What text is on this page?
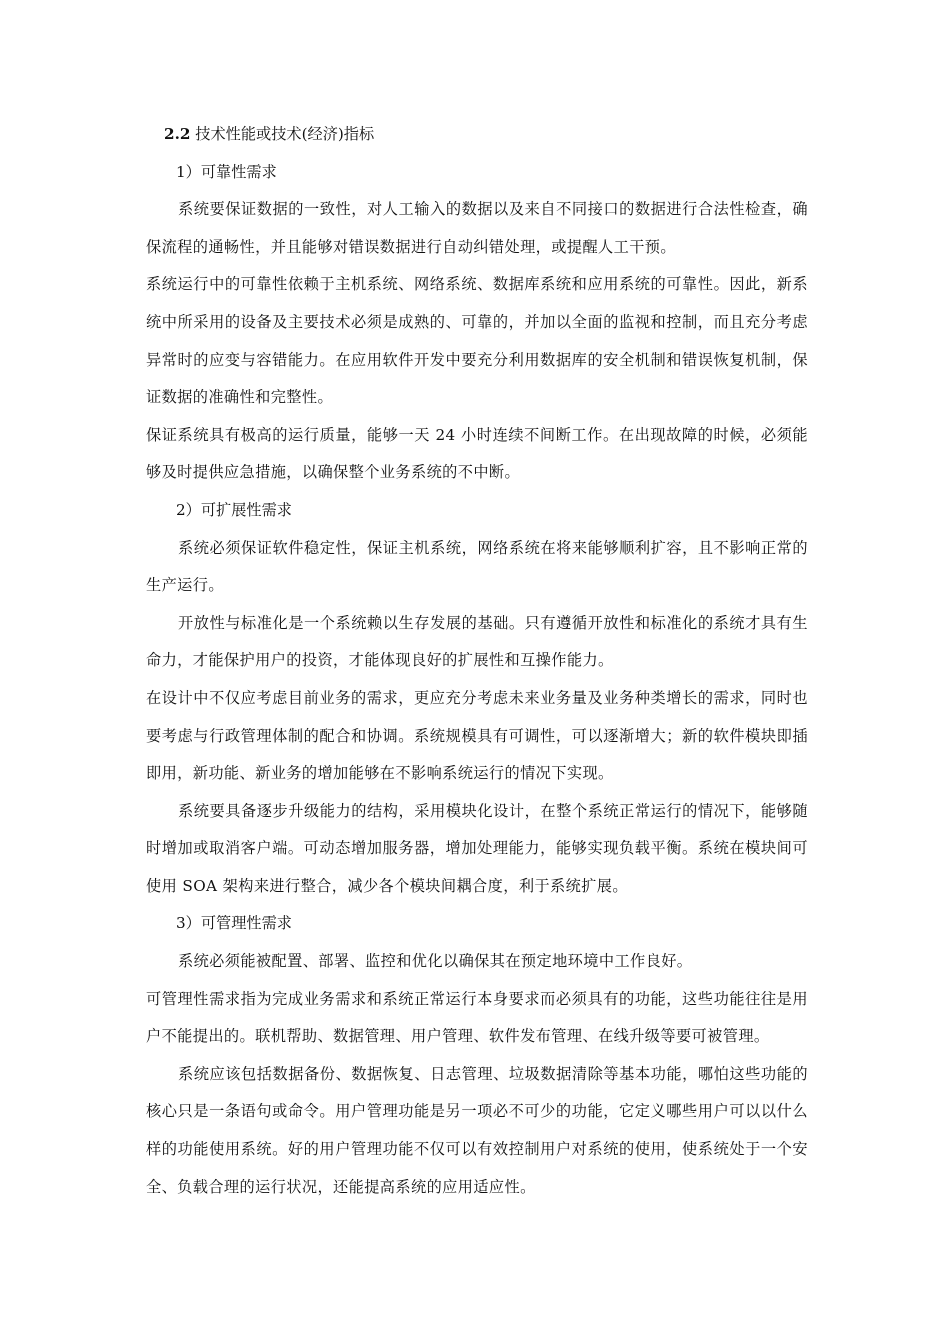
2.2 技术性能或技术(经济)指标

1）可靠性需求

系统要保证数据的一致性，对人工输入的数据以及来自不同接口的数据进行合法性检查，确保流程的通畅性，并且能够对错误数据进行自动纠错处理，或提醒人工干预。

系统运行中的可靠性依赖于主机系统、网络系统、数据库系统和应用系统的可靠性。因此，新系统中所采用的设备及主要技术必须是成熟的、可靠的，并加以全面的监视和控制，而且充分考虑异常时的应变与容错能力。在应用软件开发中要充分利用数据库的安全机制和错误恢复机制，保证数据的准确性和完整性。

保证系统具有极高的运行质量，能够一天 24 小时连续不间断工作。在出现故障的时候，必须能够及时提供应急措施，以确保整个业务系统的不中断。

2）可扩展性需求

系统必须保证软件稳定性，保证主机系统，网络系统在将来能够顺利扩容，且不影响正常的生产运行。

开放性与标准化是一个系统赖以生存发展的基础。只有遵循开放性和标准化的系统才具有生命力，才能保护用户的投资，才能体现良好的扩展性和互操作能力。

在设计中不仅应考虑目前业务的需求，更应充分考虑未来业务量及业务种类增长的需求，同时也要考虑与行政管理体制的配合和协调。系统规模具有可调性，可以逐渐增大；新的软件模块即插即用，新功能、新业务的增加能够在不影响系统运行的情况下实现。

系统要具备逐步升级能力的结构，采用模块化设计，在整个系统正常运行的情况下，能够随时增加或取消客户端。可动态增加服务器，增加处理能力，能够实现负载平衡。系统在模块间可使用 SOA 架构来进行整合，减少各个模块间耦合度，利于系统扩展。

3）可管理性需求

系统必须能被配置、部署、监控和优化以确保其在预定地环境中工作良好。

可管理性需求指为完成业务需求和系统正常运行本身要求而必须具有的功能，这些功能往往是用户不能提出的。联机帮助、数据管理、用户管理、软件发布管理、在线升级等要可被管理。

系统应该包括数据备份、数据恢复、日志管理、垃圾数据清除等基本功能，哪怕这些功能的核心只是一条语句或命令。用户管理功能是另一项必不可少的功能，它定义哪些用户可以以什么样的功能使用系统。好的用户管理功能不仅可以有效控制用户对系统的使用，使系统处于一个安全、负载合理的运行状况，还能提高系统的应用适应性。
